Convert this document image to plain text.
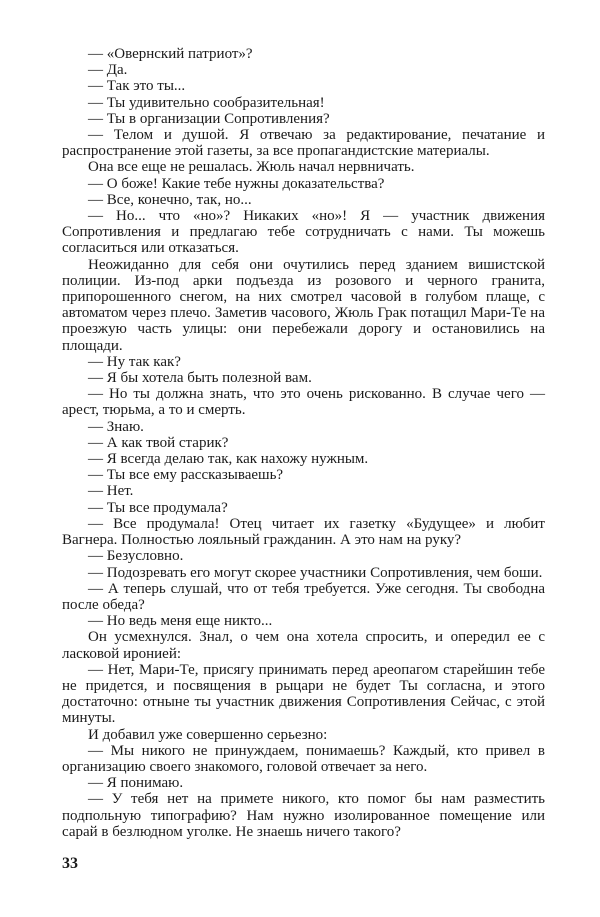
— «Овернский патриот»?

— Да.

— Так это ты...

— Ты удивительно сообразительная!

— Ты в организации Сопротивления?

— Телом и душой. Я отвечаю за редактирование, печатание и распространение этой газеты, за все пропагандистские материалы.

Она все еще не решалась. Жюль начал нервничать.

— О боже! Какие тебе нужны доказательства?

— Все, конечно, так, но...

— Но... что «но»? Никаких «но»! Я — участник движения Сопротивления и предлагаю тебе сотрудничать с нами. Ты можешь согласиться или отказаться.

Неожиданно для себя они очутились перед зданием вишистской полиции. Из-под арки подъезда из розового и черного гранита, припорошенного снегом, на них смотрел часовой в голубом плаще, с автоматом через плечо. Заметив часового, Жюль Грак потащил Мари-Те на проезжую часть улицы: они перебежали дорогу и остановились на площади.

— Ну так как?

— Я бы хотела быть полезной вам.

— Но ты должна знать, что это очень рискованно. В случае чего — арест, тюрьма, а то и смерть.

— Знаю.

— А как твой старик?

— Я всегда делаю так, как нахожу нужным.

— Ты все ему рассказываешь?

— Нет.

— Ты все продумала?

— Все продумала! Отец читает их газетку «Будущее» и любит Вагнера. Полностью лояльный гражданин. А это нам на руку?

— Безусловно.

— Подозревать его могут скорее участники Сопротивления, чем боши.

— А теперь слушай, что от тебя требуется. Уже сегодня. Ты свободна после обеда?

— Но ведь меня еще никто...

Он усмехнулся. Знал, о чем она хотела спросить, и опередил ее с ласковой иронией:

— Нет, Мари-Те, присягу принимать перед ареопагом старейшин тебе не придется, и посвящения в рыцари не будет Ты согласна, и этого достаточно: отныне ты участник движения Сопротивления Сейчас, с этой минуты.

И добавил уже совершенно серьезно:

— Мы никого не принуждаем, понимаешь? Каждый, кто привел в организацию своего знакомого, головой отвечает за него.

— Я понимаю.

— У тебя нет на примете никого, кто помог бы нам разместить подпольную типографию? Нам нужно изолированное помещение или сарай в безлюдном уголке. Не знаешь ничего такого?

33
